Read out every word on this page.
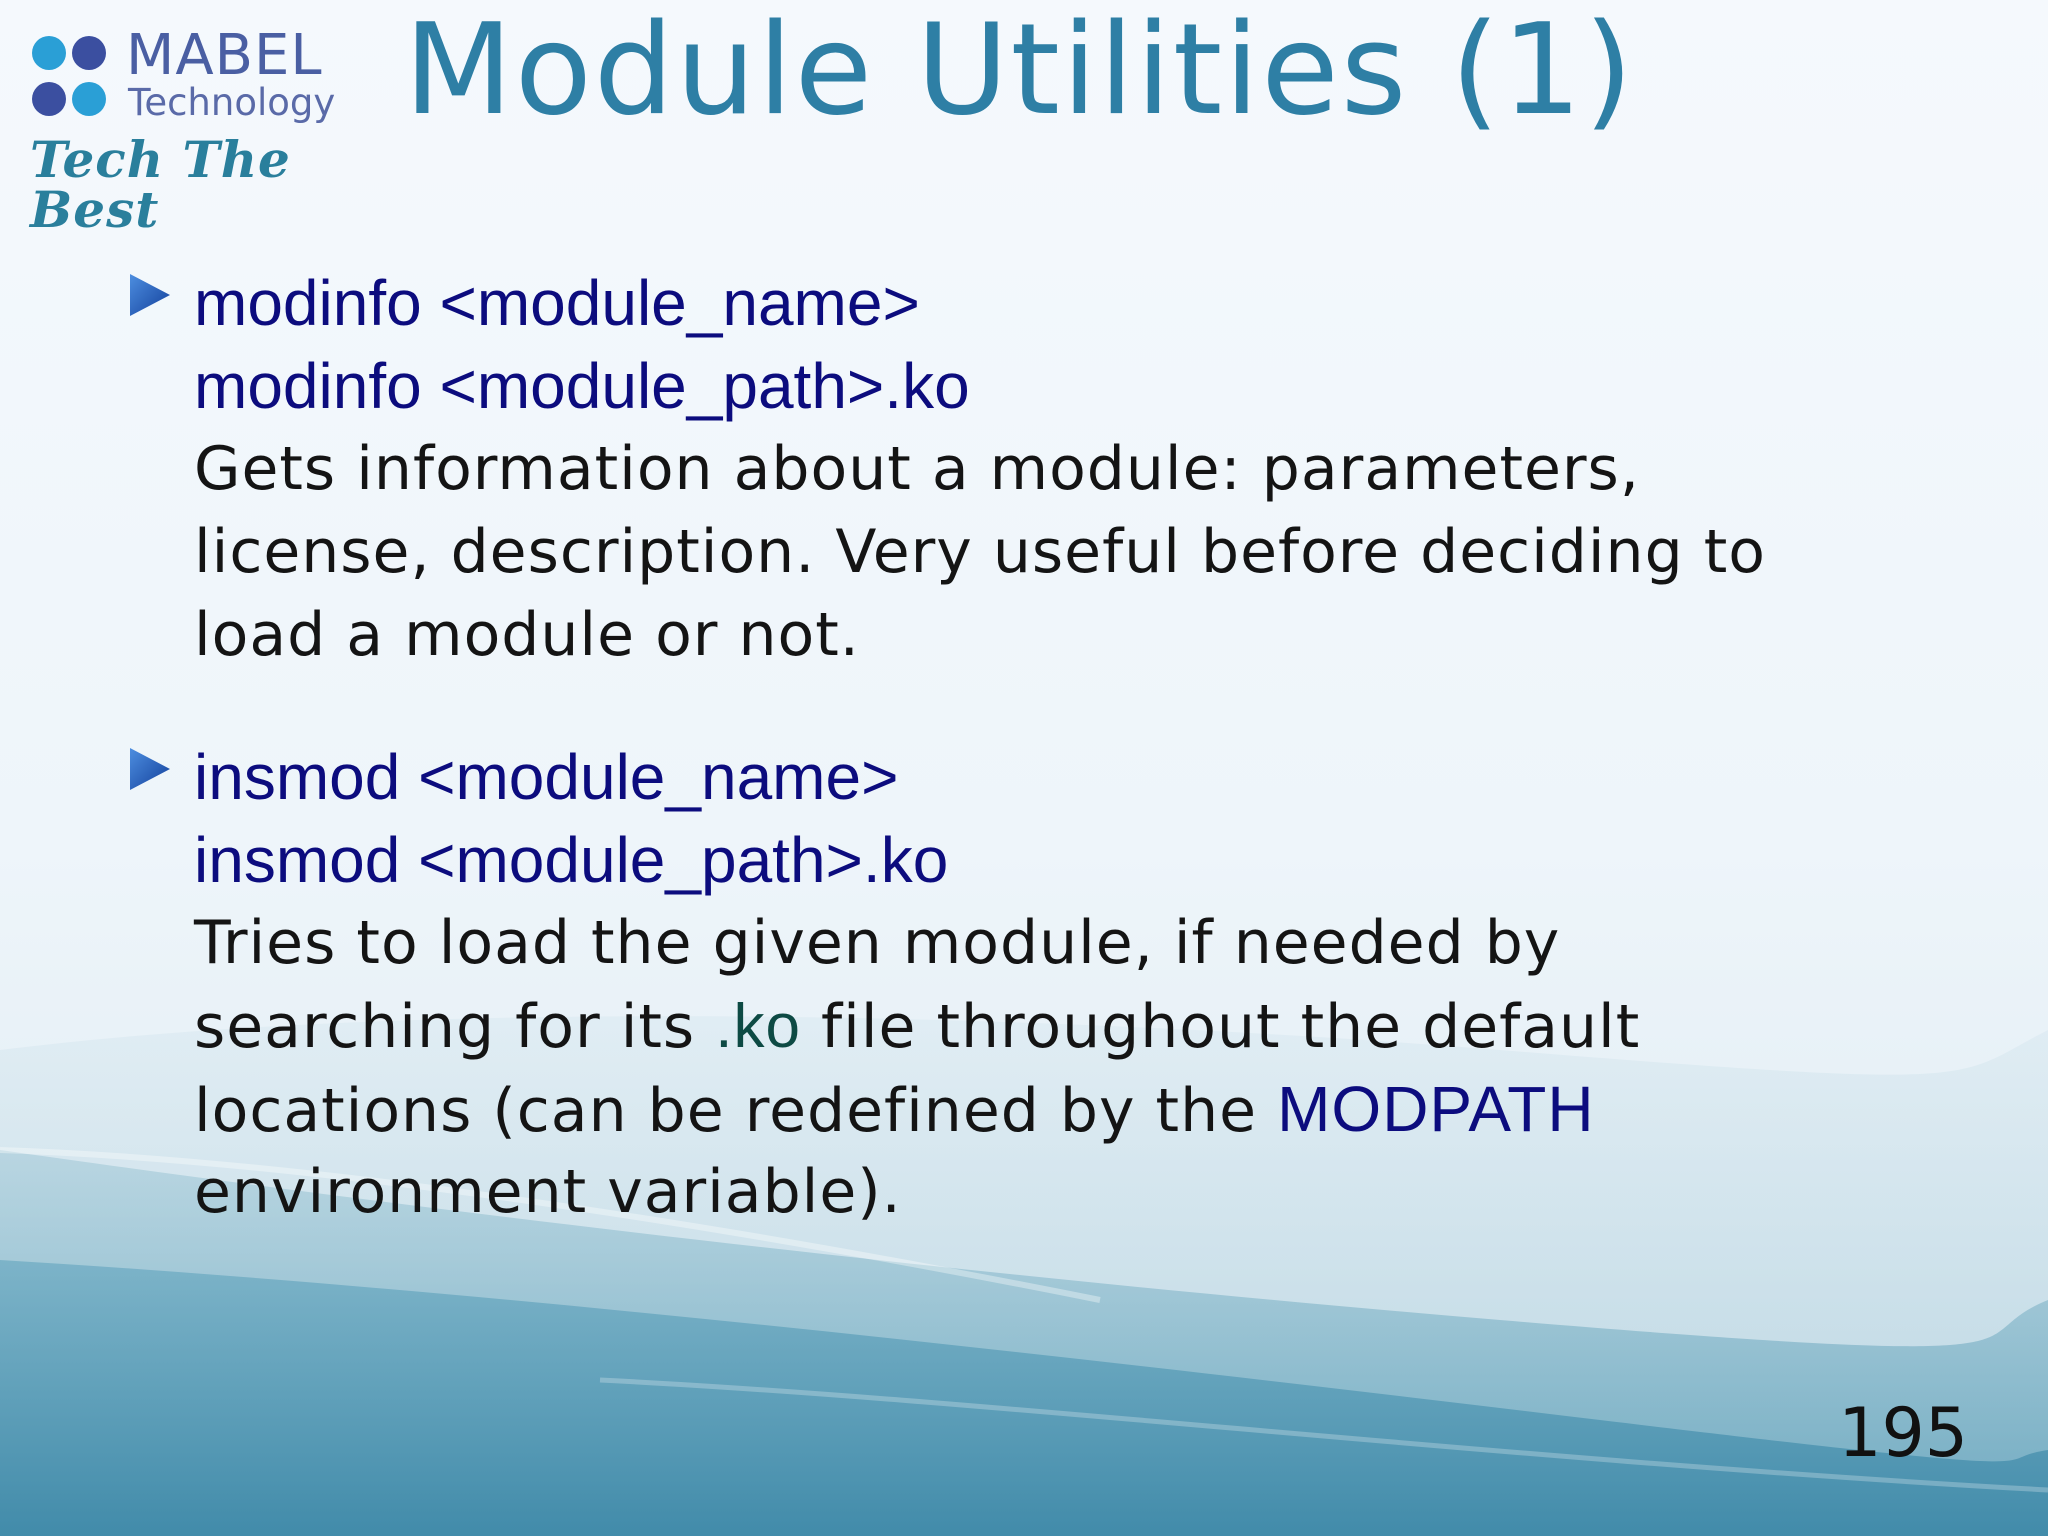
MABEL
Technology
Tech The Best
Module Utilities (1)
modinfo <module_name>
modinfo <module_path>.ko
Gets information about a module: parameters,
license, description. Very useful before deciding to
load a module or not.
insmod <module_name>
insmod <module_path>.ko
Tries to load the given module, if needed by
searching for its .ko file throughout the default
locations (can be redefined by the MODPATH
environment variable).
195
